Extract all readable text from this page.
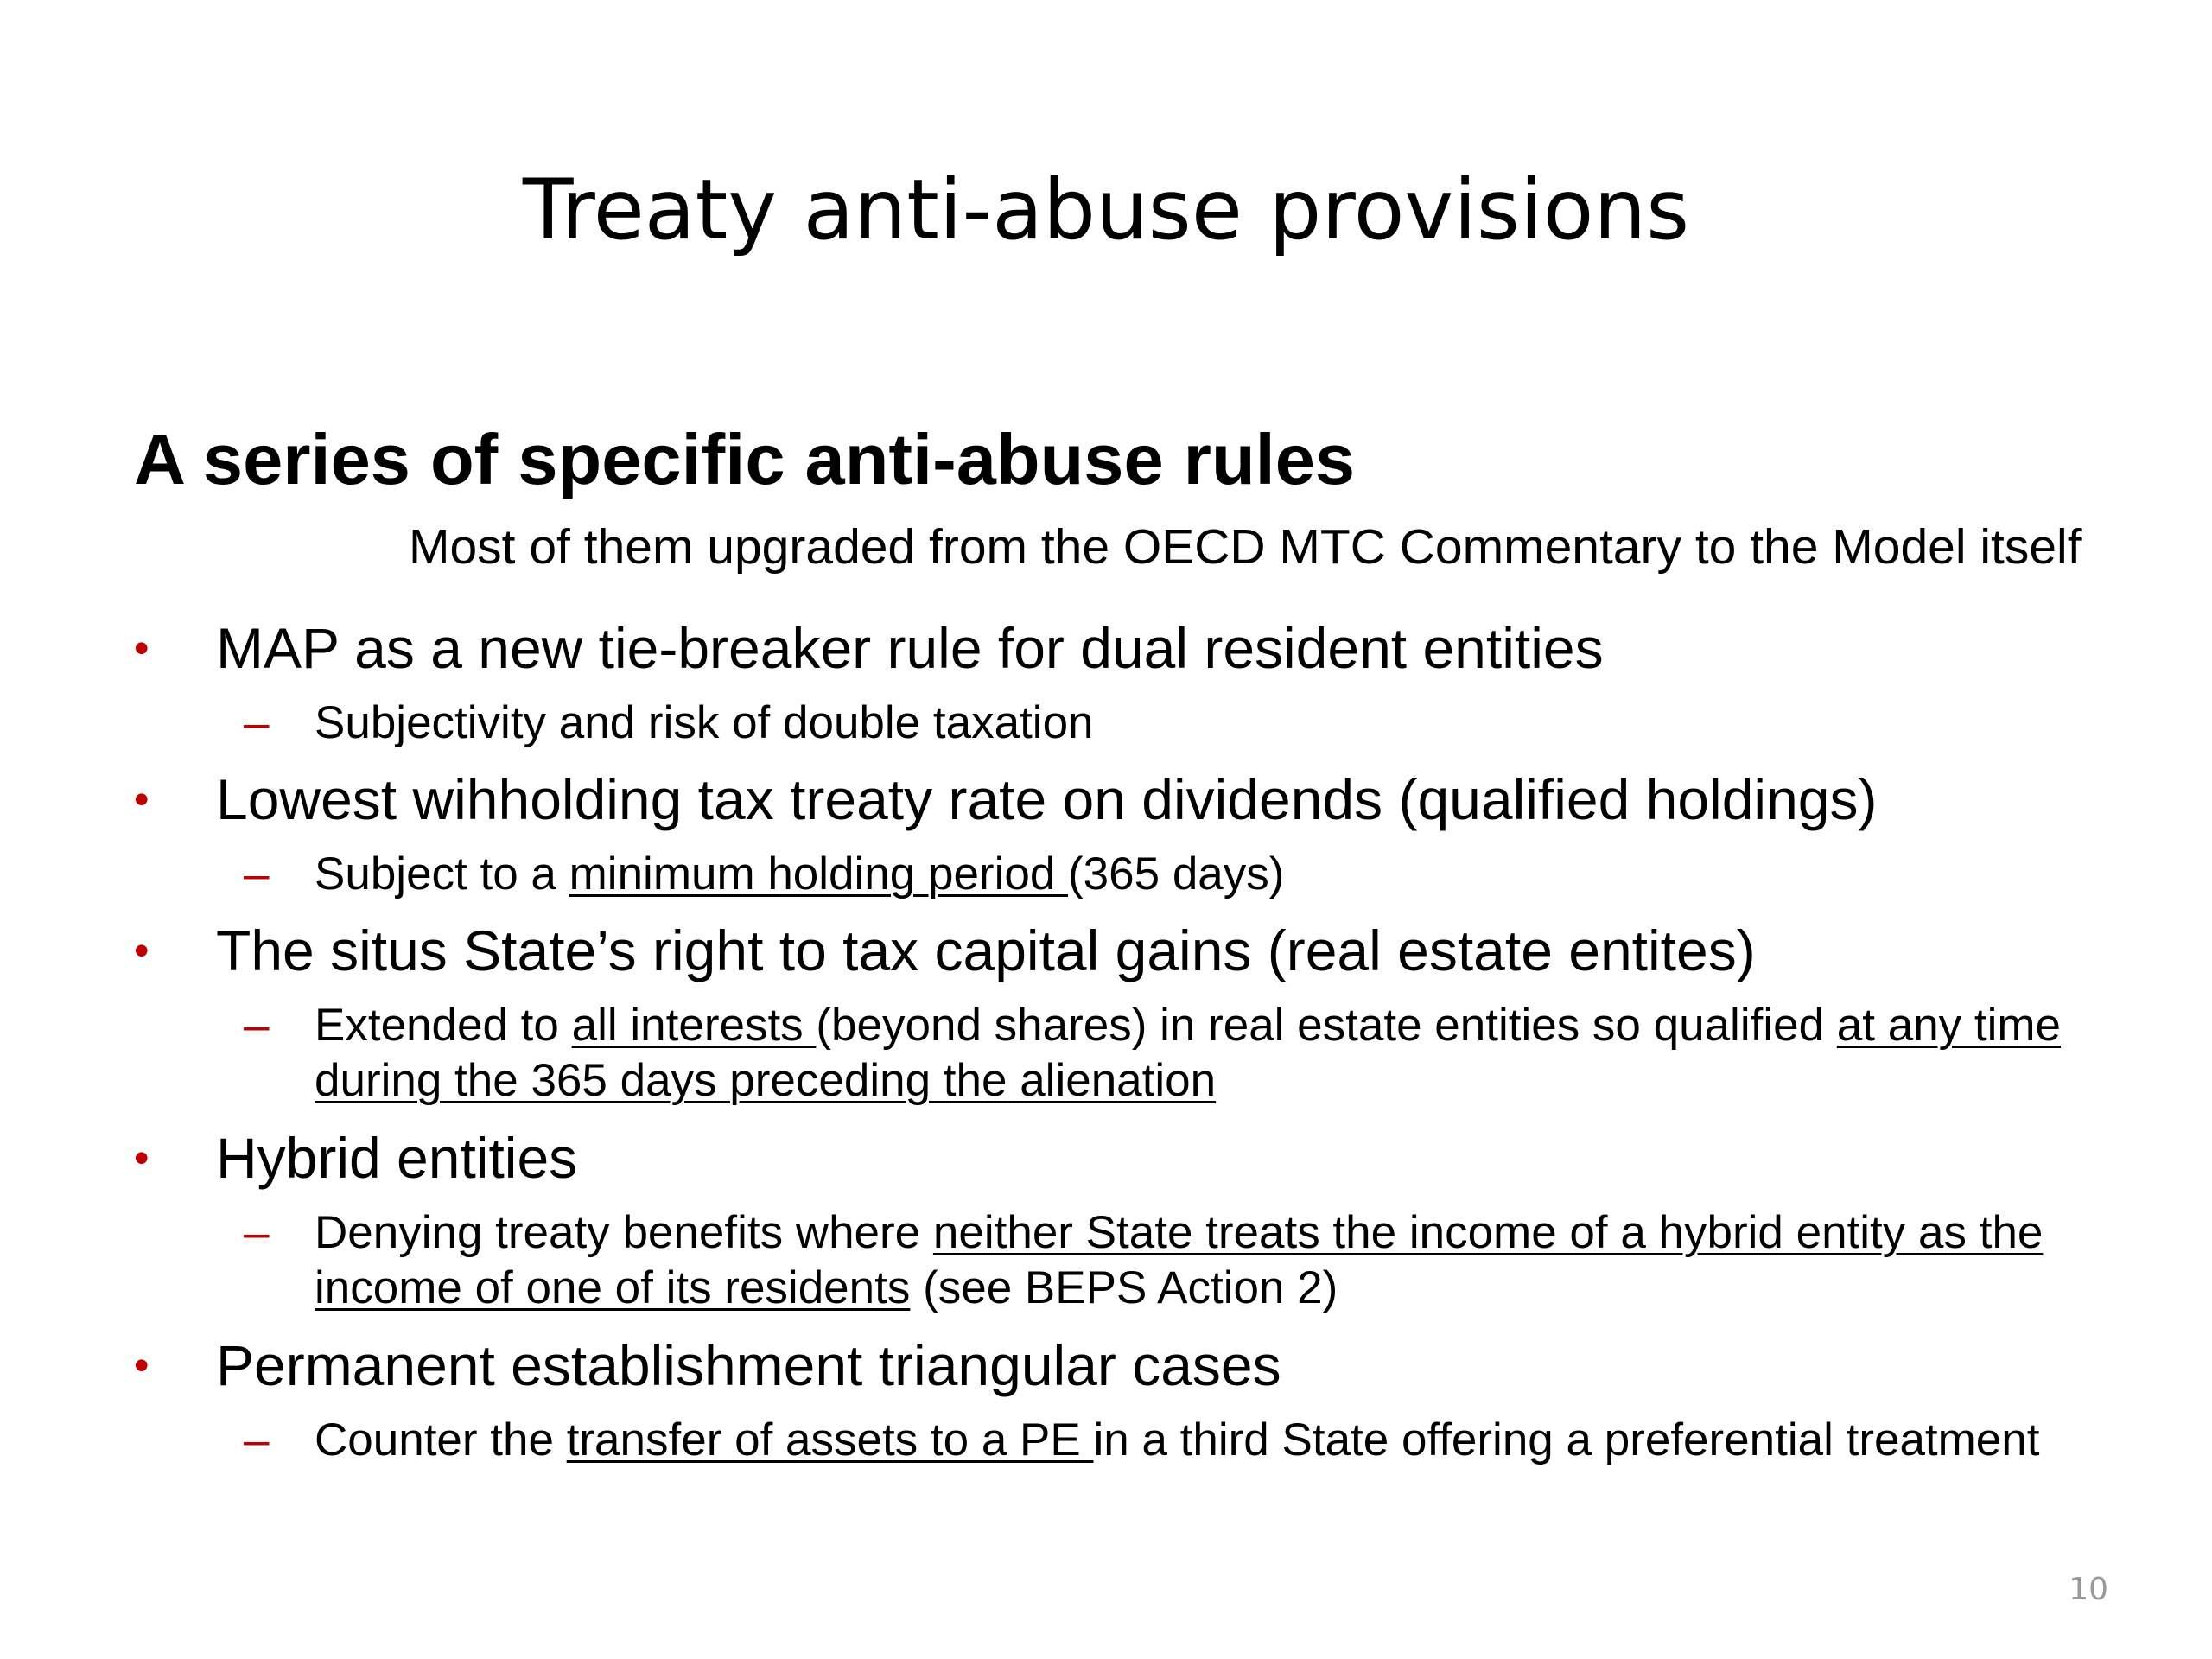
Treaty anti-abuse provisions
A series of specific anti-abuse rules
Most of them upgraded from the OECD MTC Commentary to the Model itself
• MAP as a new tie-breaker rule for dual resident entities
– Subjectivity and risk of double taxation
• Lowest wihholding tax treaty rate on dividends (qualified holdings)
– Subject to a minimum holding period (365 days)
• The situs State’s right to tax capital gains (real estate entites)
– Extended to all interests (beyond shares) in real estate entities so qualified at any time during the 365 days preceding the alienation
• Hybrid entities
– Denying treaty benefits where neither State treats the income of a hybrid entity as the income of one of its residents (see BEPS Action 2)
• Permanent establishment triangular cases
– Counter the transfer of assets to a PE in a third State offering a preferential treatment
10
